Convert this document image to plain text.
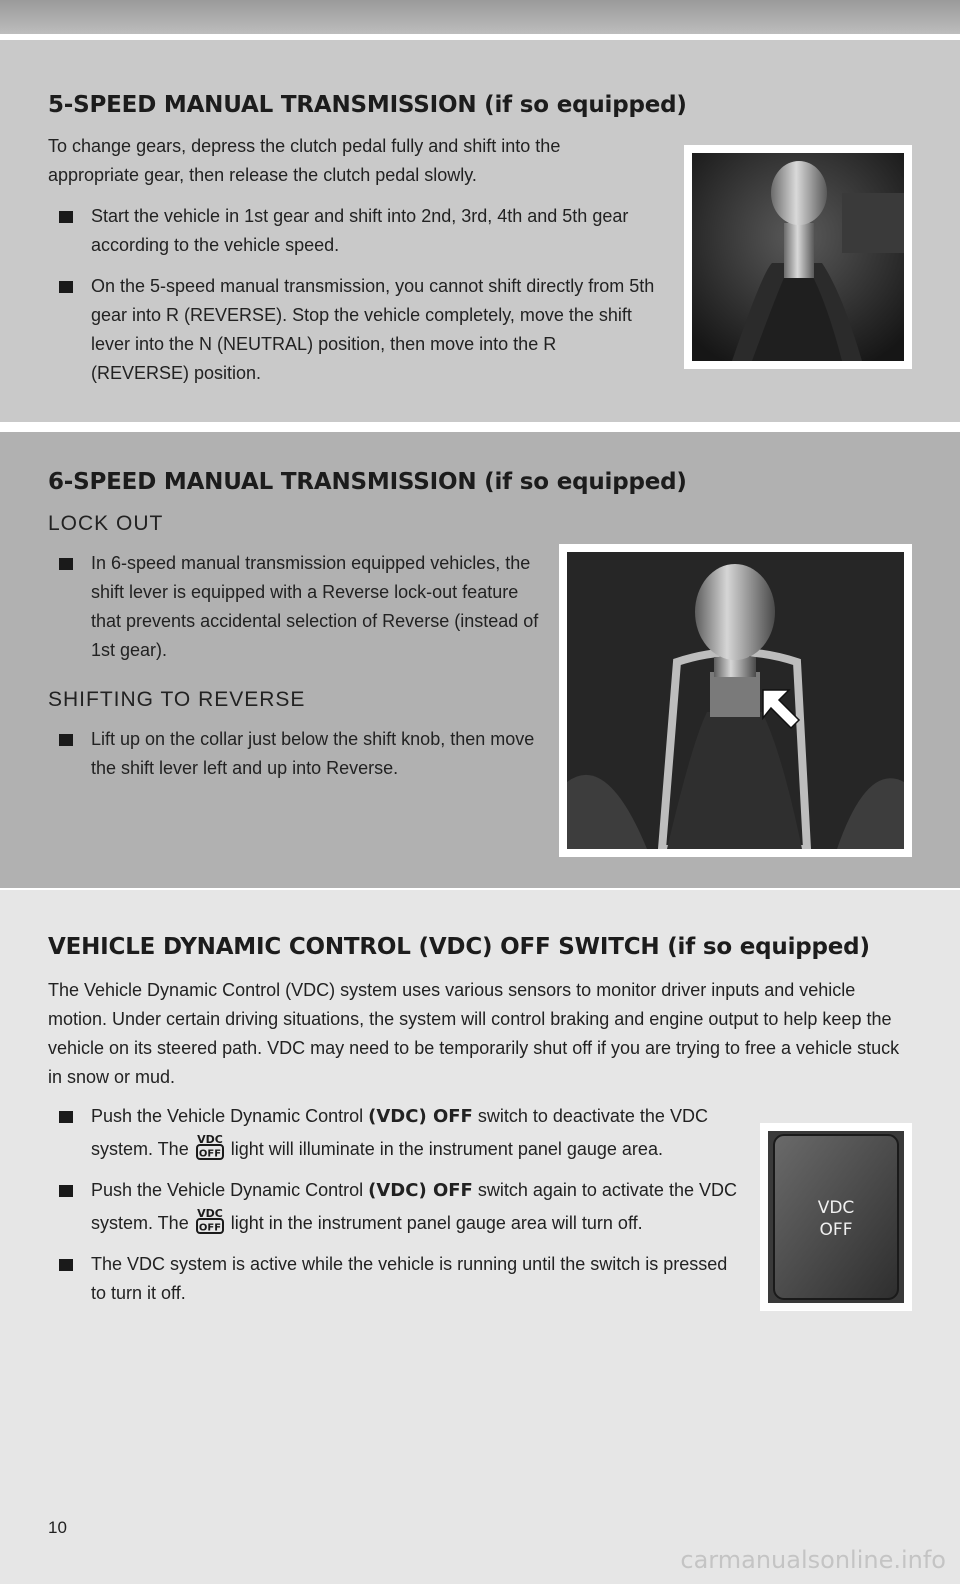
5-SPEED MANUAL TRANSMISSION (if so equipped)

To change gears, depress the clutch pedal fully and shift into the appropriate gear, then release the clutch pedal slowly.

Start the vehicle in 1st gear and shift into 2nd, 3rd, 4th and 5th gear according to the vehicle speed.
On the 5-speed manual transmission, you cannot shift directly from 5th gear into R (REVERSE). Stop the vehicle completely, move the shift lever into the N (NEUTRAL) position, then move into the R (REVERSE) position.
6-SPEED MANUAL TRANSMISSION (if so equipped)
LOCK OUT
In 6-speed manual transmission equipped vehicles, the shift lever is equipped with a Reverse lock-out feature that prevents accidental selection of Reverse (instead of 1st gear).
SHIFTING TO REVERSE
Lift up on the collar just below the shift knob, then move the shift lever left and up into Reverse.
VEHICLE DYNAMIC CONTROL (VDC) OFF SWITCH (if so equipped)

The Vehicle Dynamic Control (VDC) system uses various sensors to monitor driver inputs and vehicle motion. Under certain driving situations, the system will control braking and engine output to help keep the vehicle on its steered path. VDC may need to be temporarily shut off if you are trying to free a vehicle stuck in snow or mud.

Push the Vehicle Dynamic Control (VDC) OFF switch to deactivate the VDC system. The VDC
OFF light will illuminate in the instrument panel gauge area.
Push the Vehicle Dynamic Control (VDC) OFF switch again to activate the VDC system. The VDC
OFF light in the instrument panel gauge area will turn off.
The VDC system is active while the vehicle is running until the switch is pressed to turn it off.
VDC
OFF
10
carmanualsonline.info
